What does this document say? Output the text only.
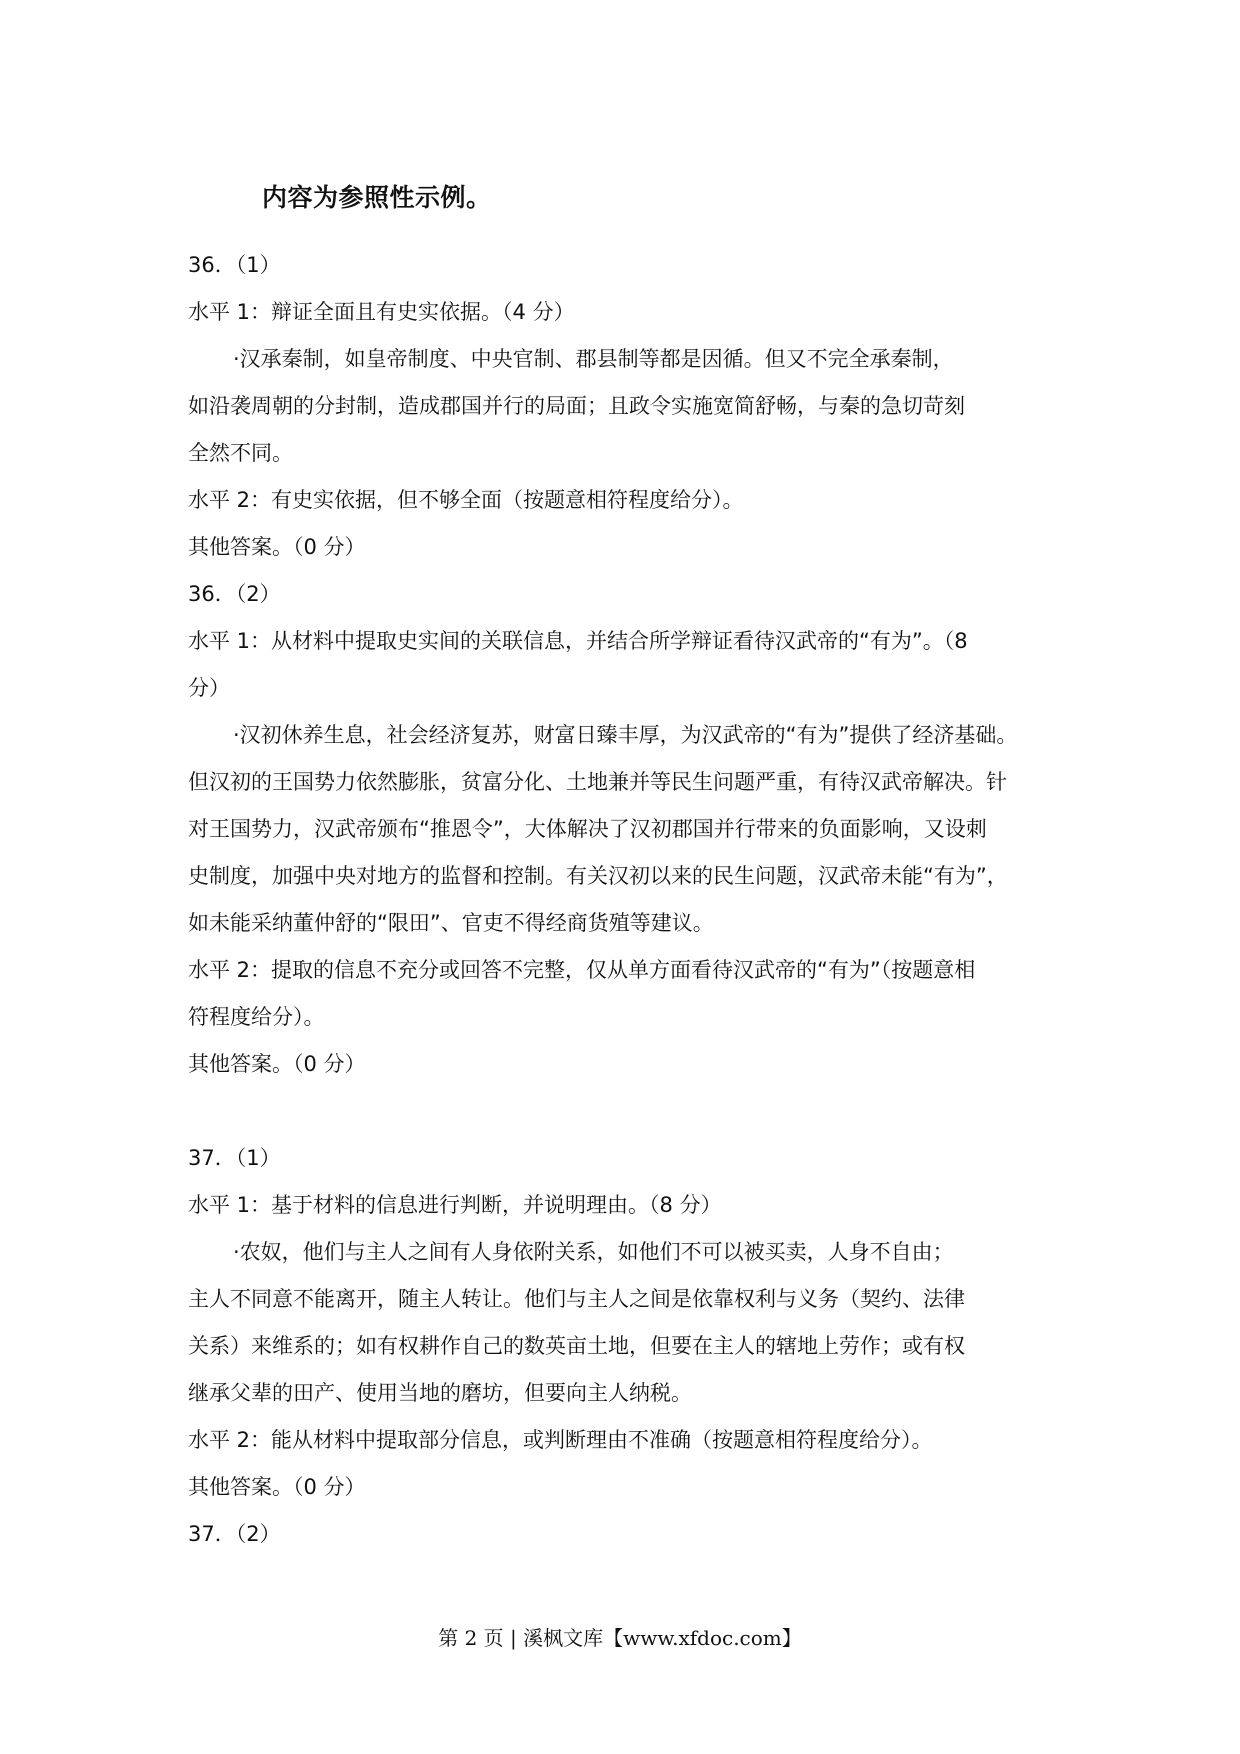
内容为参照性示例。
36．（1）
水平 1：辩证全面且有史实依据。（4 分）
·汉承秦制，如皇帝制度、中央官制、郡县制等都是因循。但又不完全承秦制，
如沿袭周朝的分封制，造成郡国并行的局面；且政令实施宽简舒畅，与秦的急切苛刻
全然不同。
水平 2：有史实依据，但不够全面（按题意相符程度给分）。
其他答案。（0 分）
36．（2）
水平 1：从材料中提取史实间的关联信息，并结合所学辩证看待汉武帝的“有为”。（8
分）
·汉初休养生息，社会经济复苏，财富日臻丰厚，为汉武帝的“有为”提供了经济基础。
但汉初的王国势力依然膨胀，贫富分化、土地兼并等民生问题严重，有待汉武帝解决。针
对王国势力，汉武帝颁布“推恩令”，大体解决了汉初郡国并行带来的负面影响，又设刺
史制度，加强中央对地方的监督和控制。有关汉初以来的民生问题，汉武帝未能“有为”，
如未能采纳董仲舒的“限田”、官吏不得经商货殖等建议。
水平 2：提取的信息不充分或回答不完整，仅从单方面看待汉武帝的“有为”（按题意相
符程度给分）。
其他答案。（0 分）
37．（1）
水平 1：基于材料的信息进行判断，并说明理由。（8 分）
·农奴，他们与主人之间有人身依附关系，如他们不可以被买卖，人身不自由；
主人不同意不能离开，随主人转让。他们与主人之间是依靠权利与义务（契约、法律
关系）来维系的；如有权耕作自己的数英亩土地，但要在主人的辖地上劳作；或有权
继承父辈的田产、使用当地的磨坊，但要向主人纳税。
水平 2：能从材料中提取部分信息，或判断理由不准确（按题意相符程度给分）。
其他答案。（0 分）
37．（2）
第 2 页 | 溪枫文库【www.xfdoc.com】
